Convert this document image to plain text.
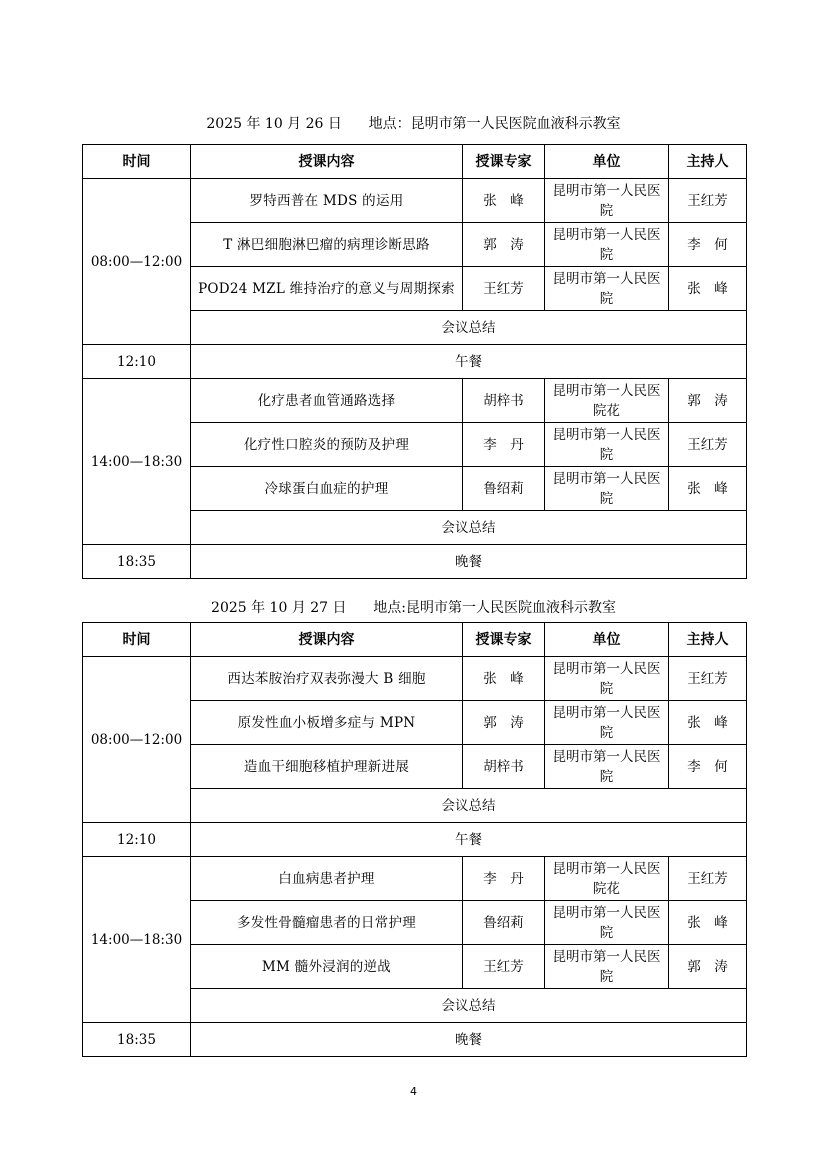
2025 年 10 月 26 日      地点：昆明市第一人民医院血液科示教室
时间	授课内容	授课专家	单位	主持人
08:00—12:00	罗特西普在 MDS 的运用	张　峰	昆明市第一人民医院	王红芳
	T 淋巴细胞淋巴瘤的病理诊断思路	郭　涛	昆明市第一人民医院	李　何
	POD24 MZL 维持治疗的意义与周期探索	王红芳	昆明市第一人民医院	张　峰
	会议总结			
12:10	午餐			
14:00—18:30	化疗患者血管通路选择	胡梓书	昆明市第一人民医院花	郭　涛
	化疗性口腔炎的预防及护理	李　丹	昆明市第一人民医院	王红芳
	冷球蛋白血症的护理	鲁绍莉	昆明市第一人民医院	张　峰
	会议总结			
18:35	晚餐			
2025 年 10 月 27 日      地点:昆明市第一人民医院血液科示教室
时间	授课内容	授课专家	单位	主持人
08:00—12:00	西达苯胺治疗双表弥漫大 B 细胞	张　峰	昆明市第一人民医院	王红芳
	原发性血小板增多症与 MPN	郭　涛	昆明市第一人民医院	张　峰
	造血干细胞移植护理新进展	胡梓书	昆明市第一人民医院	李　何
	会议总结			
12:10	午餐			
14:00—18:30	白血病患者护理	李　丹	昆明市第一人民医院花	王红芳
	多发性骨髓瘤患者的日常护理	鲁绍莉	昆明市第一人民医院	张　峰
	MM 髓外浸润的逆战	王红芳	昆明市第一人民医院	郭　涛
	会议总结			
18:35	晚餐			
4
